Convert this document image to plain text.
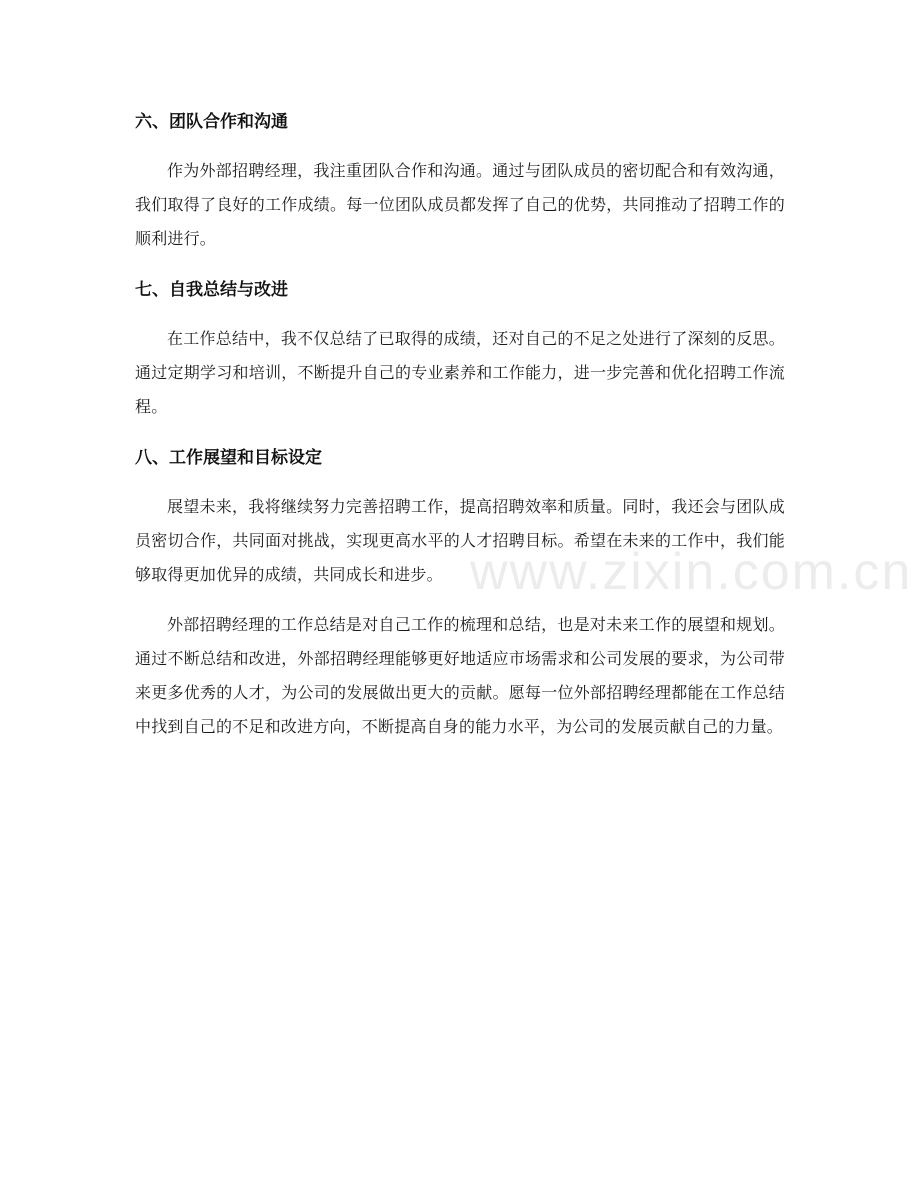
六、团队合作和沟通

作为外部招聘经理，我注重团队合作和沟通。通过与团队成员的密切配合和有效沟通，我们取得了良好的工作成绩。每一位团队成员都发挥了自己的优势，共同推动了招聘工作的顺利进行。

七、自我总结与改进

在工作总结中，我不仅总结了已取得的成绩，还对自己的不足之处进行了深刻的反思。通过定期学习和培训，不断提升自己的专业素养和工作能力，进一步完善和优化招聘工作流程。

八、工作展望和目标设定

展望未来，我将继续努力完善招聘工作，提高招聘效率和质量。同时，我还会与团队成员密切合作，共同面对挑战，实现更高水平的人才招聘目标。希望在未来的工作中，我们能够取得更加优异的成绩，共同成长和进步。

外部招聘经理的工作总结是对自己工作的梳理和总结，也是对未来工作的展望和规划。通过不断总结和改进，外部招聘经理能够更好地适应市场需求和公司发展的要求，为公司带来更多优秀的人才，为公司的发展做出更大的贡献。愿每一位外部招聘经理都能在工作总结中找到自己的不足和改进方向，不断提高自身的能力水平，为公司的发展贡献自己的力量。

www.zixin.com.cn
